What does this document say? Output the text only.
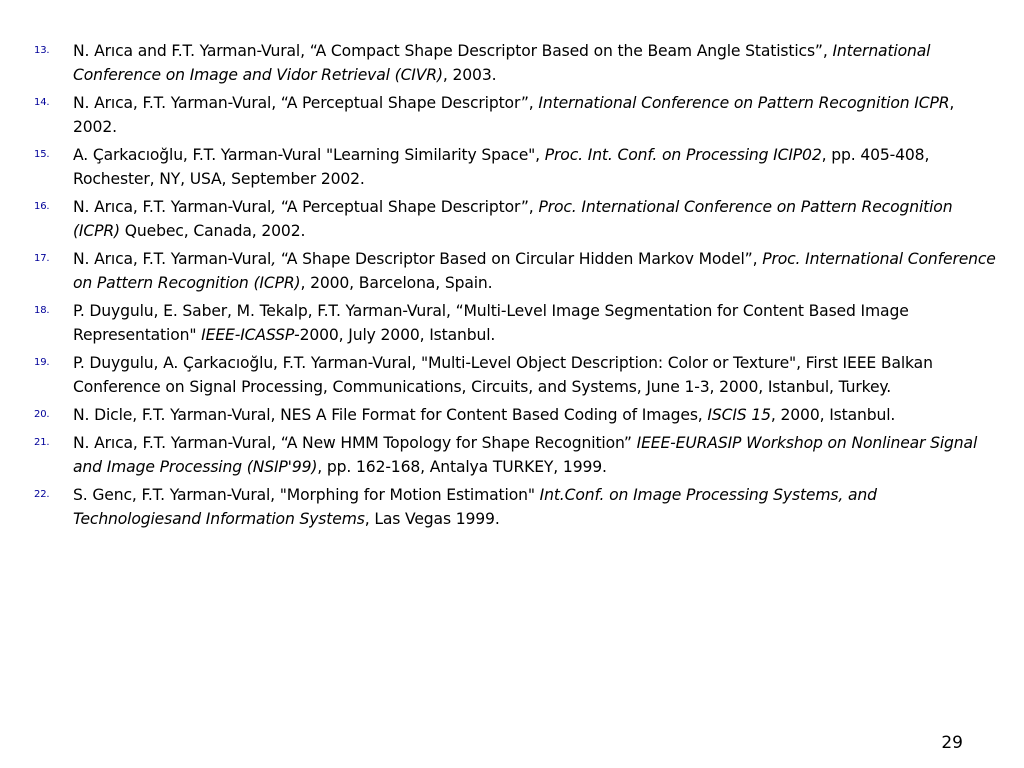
13. N. Arıca and F.T. Yarman-Vural, “A Compact Shape Descriptor Based on the Beam Angle Statistics”, International Conference on Image and Vidor Retrieval (CIVR), 2003.
14. N. Arıca, F.T. Yarman-Vural, “A Perceptual Shape Descriptor”, International Conference on Pattern Recognition ICPR, 2002.
15. A. Çarkacıoğlu, F.T. Yarman-Vural "Learning Similarity Space", Proc. Int. Conf. on Processing ICIP02, pp. 405-408, Rochester, NY, USA, September 2002.
16. N. Arıca, F.T. Yarman-Vural, “A Perceptual Shape Descriptor”, Proc. International Conference on Pattern Recognition (ICPR) Quebec, Canada, 2002.
17. N. Arıca, F.T. Yarman-Vural, “A Shape Descriptor Based on Circular Hidden Markov Model”, Proc. International Conference on Pattern Recognition (ICPR), 2000, Barcelona, Spain.
18. P. Duygulu, E. Saber, M. Tekalp, F.T. Yarman-Vural, “Multi-Level Image Segmentation for Content Based Image Representation" IEEE-ICASSP-2000, July 2000, Istanbul.
19. P. Duygulu, A. Çarkacıoğlu, F.T. Yarman-Vural, "Multi-Level Object Description: Color or Texture", First IEEE Balkan Conference on Signal Processing, Communications, Circuits, and Systems, June 1-3, 2000, Istanbul, Turkey.
20. N. Dicle, F.T. Yarman-Vural, NES A File Format for Content Based Coding of Images, ISCIS 15, 2000, Istanbul.
21. N. Arıca, F.T. Yarman-Vural, “A New HMM Topology for Shape Recognition” IEEE-EURASIP Workshop on Nonlinear Signal and Image Processing (NSIP'99), pp. 162-168, Antalya TURKEY, 1999.
22. S. Genc, F.T. Yarman-Vural, "Morphing for Motion Estimation" Int.Conf. on Image Processing Systems, and Technologiesand Information Systems, Las Vegas 1999.
29
